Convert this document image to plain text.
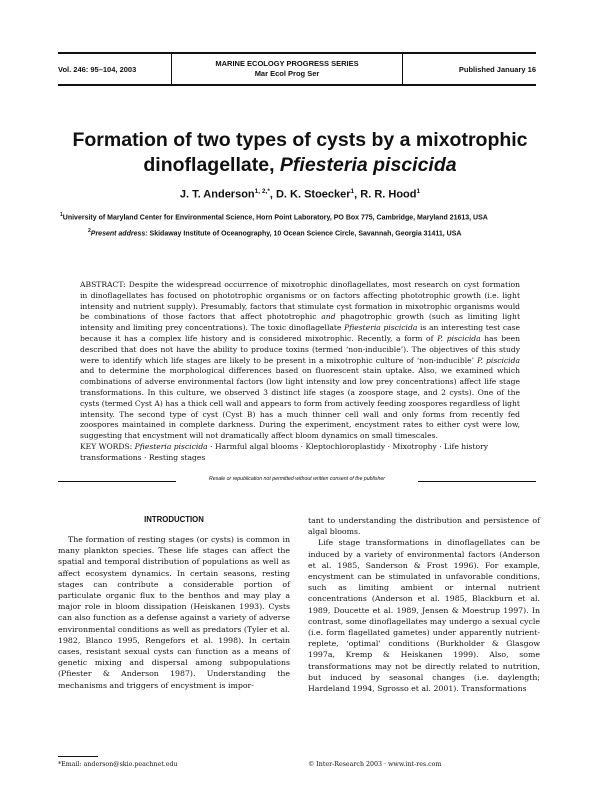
Vol. 246: 95–104, 2003
MARINE ECOLOGY PROGRESS SERIES
Mar Ecol Prog Ser	Published January 16
Formation of two types of cysts by a mixotrophic
dinoflagellate, Pfiesteria piscicida
J. T. Anderson$^{1, 2,*}$, D. K. Stoecker$^1$, R. R. Hood$^1$
$^1$University of Maryland Center for Environmental Science, Horn Point Laboratory, PO Box 775, Cambridge, Maryland 21613, USA
$^2$Present address: Skidaway Institute of Oceanography, 10 Ocean Science Circle, Savannah, Georgia 31411, USA
ABSTRACT: Despite the widespread occurrence of mixotrophic dinoflagellates, most research on cyst formation in dinoflagellates has focused on phototrophic organisms or on factors affecting phototrophic growth (i.e. light intensity and nutrient supply). Presumably, factors that stimulate cyst formation in mixotrophic organisms would be combinations of those factors that affect phototrophic and phagotrophic growth (such as limiting light intensity and limiting prey concentrations). The toxic dinoflagellate Pfiesteria piscicida is an interesting test case because it has a complex life history and is considered mixotrophic. Recently, a form of P. piscicida has been described that does not have the ability to produce toxins (termed ‘non-inducible’). The objectives of this study were to identify which life stages are likely to be present in a mixotrophic culture of ‘non-inducible’ P. piscicida and to determine the morphological differences based on fluorescent stain uptake. Also, we examined which combinations of adverse environmental factors (low light intensity and low prey concentrations) affect life stage transformations. In this culture, we observed 3 distinct life stages (a zoospore stage, and 2 cysts). One of the cysts (termed Cyst A) has a thick cell wall and appears to form from actively feeding zoospores regardless of light intensity. The second type of cyst (Cyst B) has a much thinner cell wall and only forms from recently fed zoospores maintained in complete darkness. During the experiment, encystment rates to either cyst were low, suggesting that encystment will not dramatically affect bloom dynamics on small timescales.
KEY WORDS: Pfiesteria piscicida · Harmful algal blooms · Kleptochloroplastidy · Mixotrophy · Life history transformations · Resting stages
Resale or republication not permitted without written consent of the publisher
INTRODUCTION

The formation of resting stages (or cysts) is common in many plankton species. These life stages can affect the spatial and temporal distribution of populations as well as affect ecosystem dynamics. In certain seasons, resting stages can contribute a considerable portion of particulate organic flux to the benthos and may play a major role in bloom dissipation (Heiskanen 1993). Cysts can also function as a defense against a variety of adverse environmental conditions as well as predators (Tyler et al. 1982, Blanco 1995, Rengefors et al. 1998). In certain cases, resistant sexual cysts can function as a means of genetic mixing and dispersal among subpopulations (Pfiester & Anderson 1987). Understanding the mechanisms and triggers of encystment is impor-

tant to understanding the distribution and persistence of algal blooms.

Life stage transformations in dinoflagellates can be induced by a variety of environmental factors (Anderson et al. 1985, Sanderson & Frost 1996). For example, encystment can be stimulated in unfavorable conditions, such as limiting ambient or internal nutrient concentrations (Anderson et al. 1985, Blackburn et al. 1989, Doucette et al. 1989, Jensen & Moestrup 1997). In contrast, some dinoflagellates may undergo a sexual cycle (i.e. form flagellated gametes) under apparently nutrient-replete, ‘optimal’ conditions (Burkholder & Glasgow 1997a, Kremp & Heiskanen 1999). Also, some transformations may not be directly related to nutrition, but induced by seasonal changes (i.e. daylength; Hardeland 1994, Sgrosso et al. 2001). Transformations

*Email: anderson@skio.peachnet.edu	© Inter-Research 2003 · www.int-res.com
